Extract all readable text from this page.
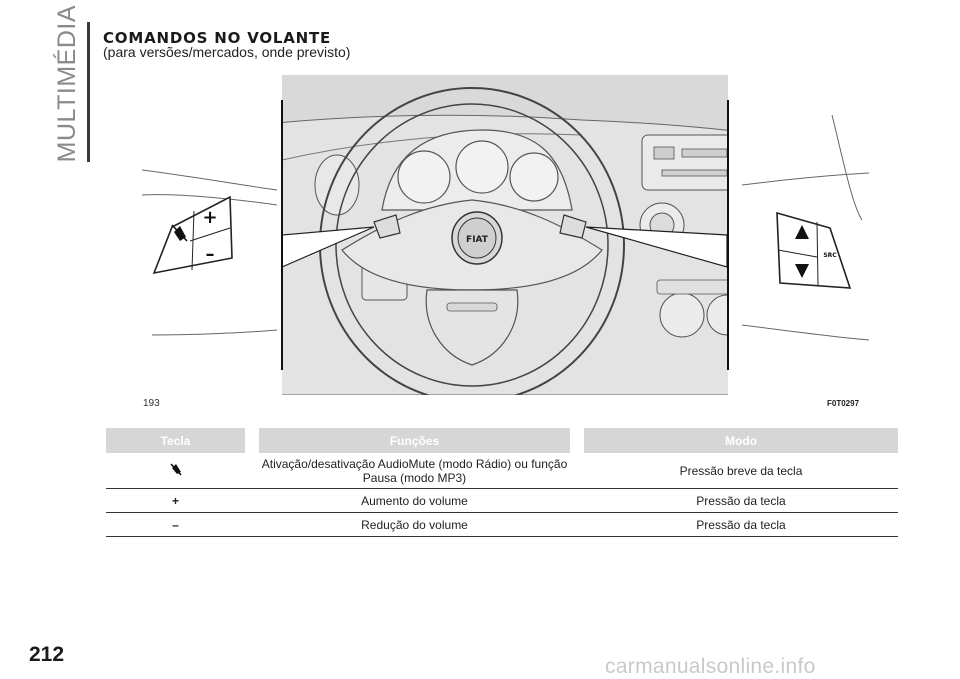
MULTIMÉDIA COMANDOS NO VOLANTE
(para versões/mercados, onde previsto)
FIAT
+
–	SRC
193	F0T0297
Tecla		Funções		Modo
		Ativação/desativação AudioMute (modo Rádio) ou função Pausa (modo MP3)		Pressão breve da tecla
+		Aumento do volume		Pressão da tecla
–		Redução do volume		Pressão da tecla
212
carmanualsonline.info
